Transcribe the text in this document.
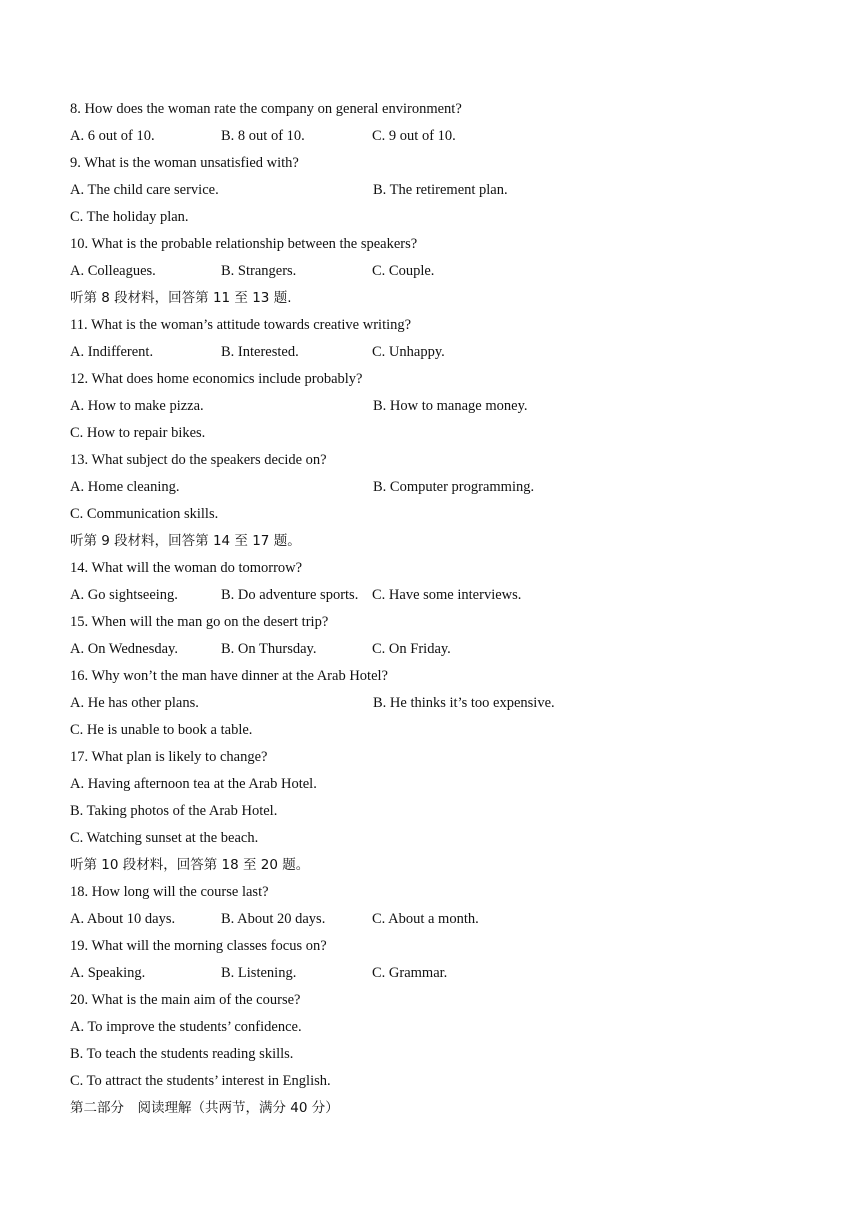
8. How does the woman rate the company on general environment?
A. 6 out of 10.	B. 8 out of 10.	C. 9 out of 10.
9. What is the woman unsatisfied with?
A. The child care service.	B. The retirement plan.
C. The holiday plan.
10. What is the probable relationship between the speakers?
A. Colleagues.	B. Strangers.	C. Couple.
听第 8 段材料，回答第 11 至 13 题.
11. What is the woman’s attitude towards creative writing?
A. Indifferent.	B. Interested.	C. Unhappy.
12. What does home economics include probably?
A. How to make pizza.	B. How to manage money.
C. How to repair bikes.
13. What subject do the speakers decide on?
A. Home cleaning.	B. Computer programming.
C. Communication skills.
听第 9 段材料，回答第 14 至 17 题。
14. What will the woman do tomorrow?
A. Go sightseeing.	B. Do adventure sports. C. Have some interviews.
15. When will the man go on the desert trip?
A. On Wednesday.	B. On Thursday.	C. On Friday.
16. Why won’t the man have dinner at the Arab Hotel?
A. He has other plans.	B. He thinks it’s too expensive.
C. He is unable to book a table.
17. What plan is likely to change?
A. Having afternoon tea at the Arab Hotel.
B. Taking photos of the Arab Hotel.
C. Watching sunset at the beach.
听第 10 段材料，回答第 18 至 20 题。
18. How long will the course last?
A. About 10 days.	B. About 20 days.	C. About a month.
19. What will the morning classes focus on?
A. Speaking.	B. Listening.	C. Grammar.
20. What is the main aim of the course?
A. To improve the students’ confidence.
B. To teach the students reading skills.
C. To attract the students’ interest in English.
第二部分　阅读理解（共两节，满分 40 分）
